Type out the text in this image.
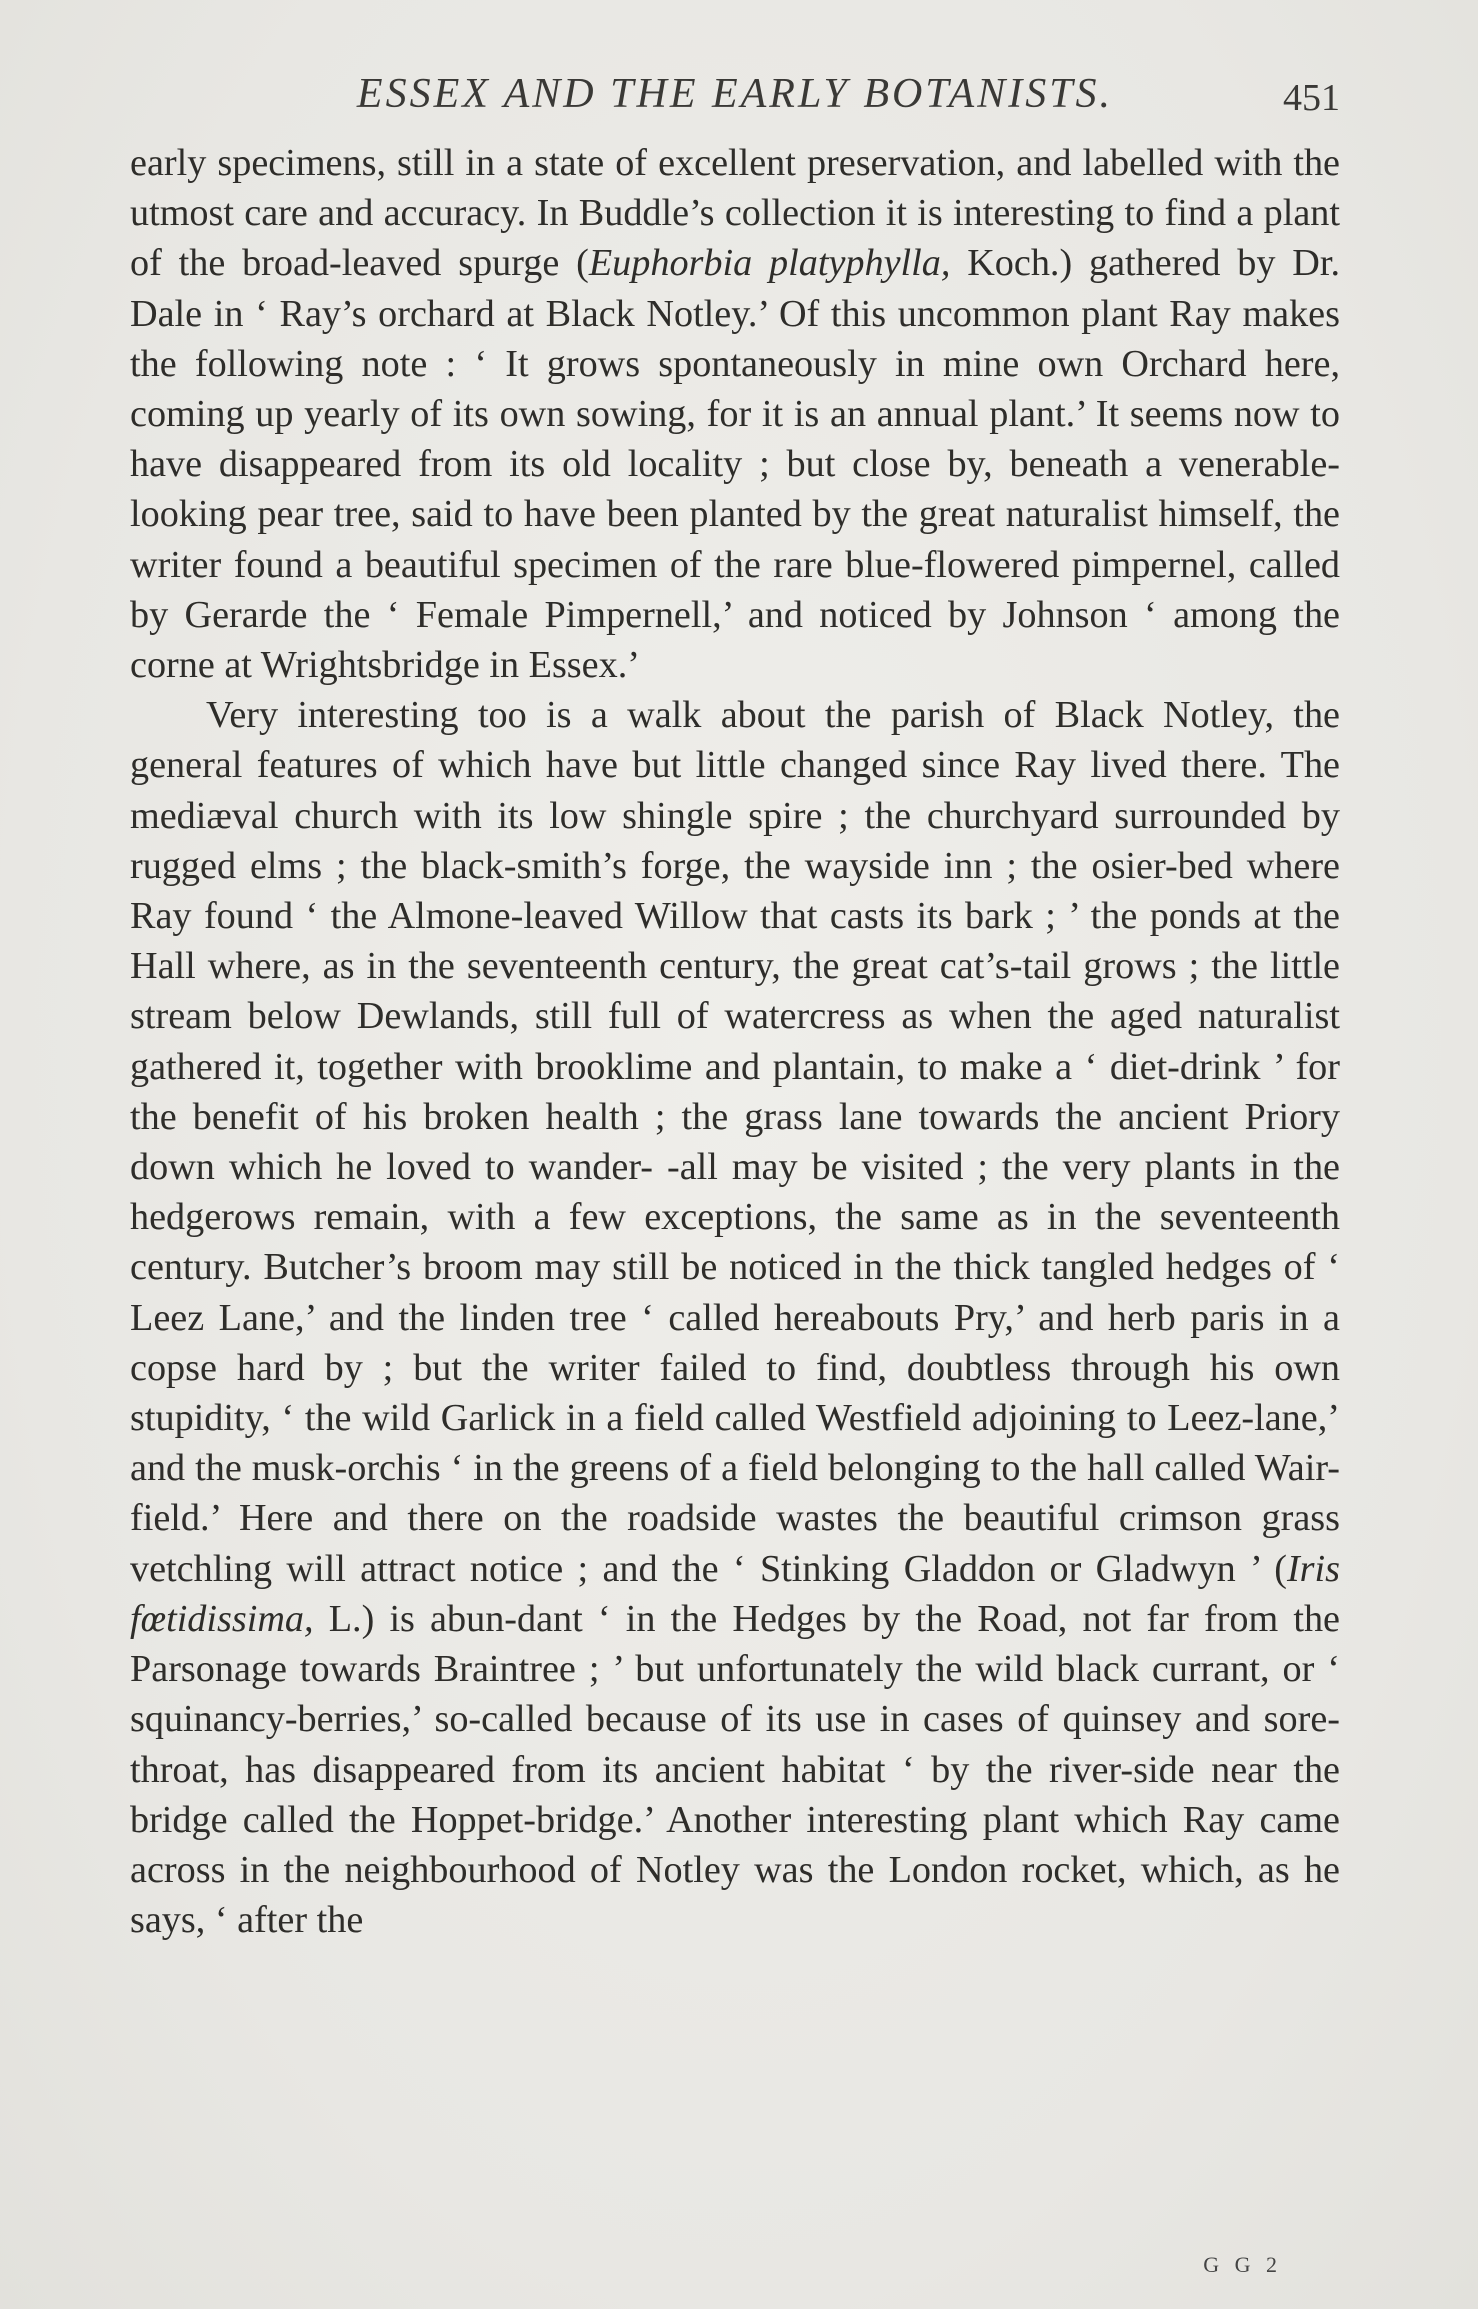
ESSEX AND THE EARLY BOTANISTS.	451

early specimens, still in a state of excellent preservation, and labelled with the utmost care and accuracy. In Buddle’s collection it is interesting to find a plant of the broad-leaved spurge (Euphorbia platyphylla, Koch.) gathered by Dr. Dale in ‘ Ray’s orchard at Black Notley.’ Of this uncommon plant Ray makes the following note : ‘ It grows spontaneously in mine own Orchard here, coming up yearly of its own sowing, for it is an annual plant.’ It seems now to have disappeared from its old locality ; but close by, beneath a venerable-looking pear tree, said to have been planted by the great naturalist himself, the writer found a beautiful specimen of the rare blue-flowered pimpernel, called by Gerarde the ‘ Female Pimpernell,’ and noticed by Johnson ‘ among the corne at Wrightsbridge in Essex.’

Very interesting too is a walk about the parish of Black Notley, the general features of which have but little changed since Ray lived there. The mediæval church with its low shingle spire ; the churchyard surrounded by rugged elms ; the black-smith’s forge, the wayside inn ; the osier-bed where Ray found ‘ the Almone-leaved Willow that casts its bark ; ’ the ponds at the Hall where, as in the seventeenth century, the great cat’s-tail grows ; the little stream below Dewlands, still full of watercress as when the aged naturalist gathered it, together with brooklime and plantain, to make a ‘ diet-drink ’ for the benefit of his broken health ; the grass lane towards the ancient Priory down which he loved to wander- -all may be visited ; the very plants in the hedgerows remain, with a few exceptions, the same as in the seventeenth century. Butcher’s broom may still be noticed in the thick tangled hedges of ‘ Leez Lane,’ and the linden tree ‘ called hereabouts Pry,’ and herb paris in a copse hard by ; but the writer failed to find, doubtless through his own stupidity, ‘ the wild Garlick in a field called Westfield adjoining to Leez-lane,’ and the musk-orchis ‘ in the greens of a field belonging to the hall called Wair-field.’ Here and there on the roadside wastes the beautiful crimson grass vetchling will attract notice ; and the ‘ Stinking Gladdon or Gladwyn ’ (Iris fœtidissima, L.) is abun-dant ‘ in the Hedges by the Road, not far from the Parsonage towards Braintree ; ’ but unfortunately the wild black currant, or ‘ squinancy-berries,’ so-called because of its use in cases of quinsey and sore-throat, has disappeared from its ancient habitat ‘ by the river-side near the bridge called the Hoppet-bridge.’ Another interesting plant which Ray came across in the neighbourhood of Notley was the London rocket, which, as he says, ‘ after the

G G 2
